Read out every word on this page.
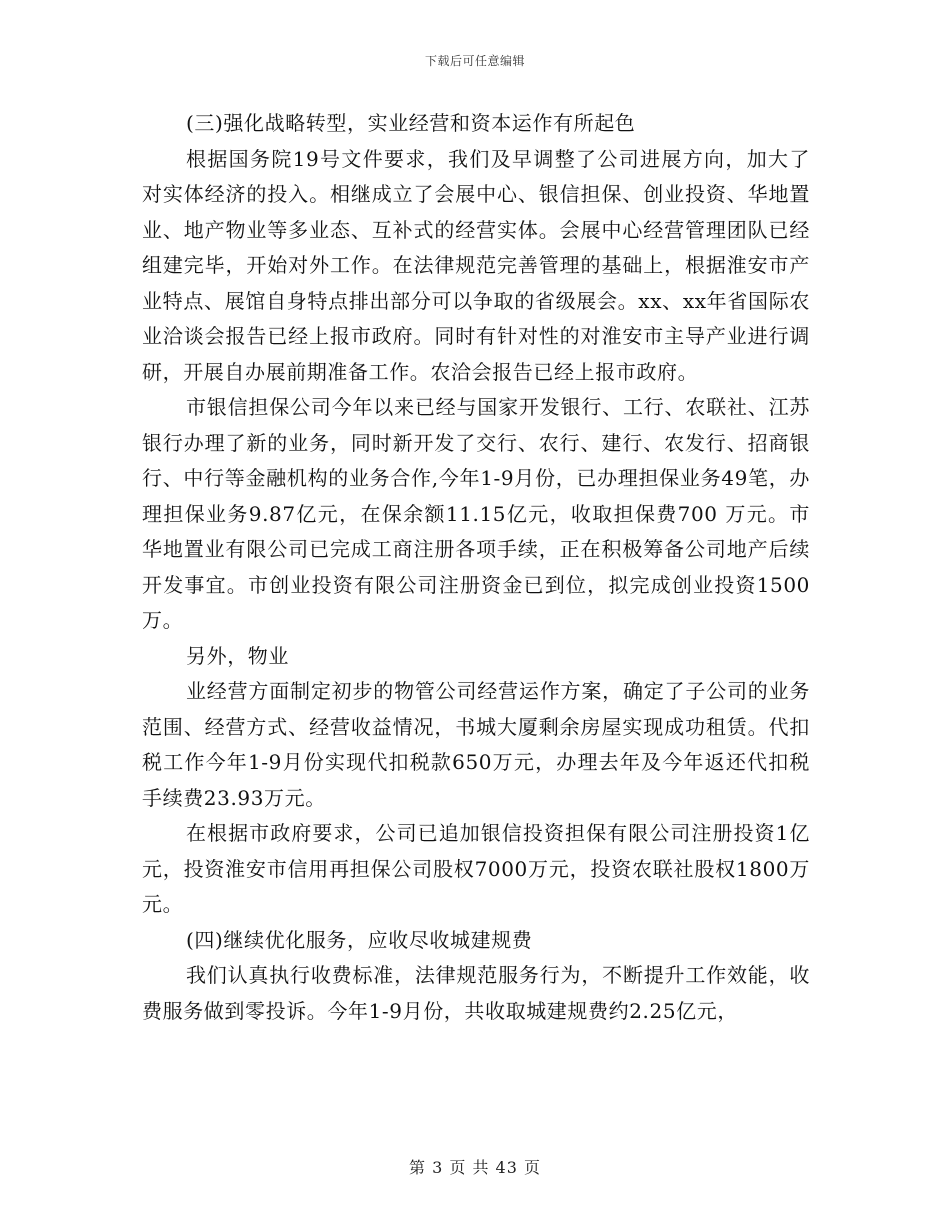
下载后可任意编辑

(三)强化战略转型，实业经营和资本运作有所起色

根据国务院19号文件要求，我们及早调整了公司进展方向，加大了对实体经济的投入。相继成立了会展中心、银信担保、创业投资、华地置业、地产物业等多业态、互补式的经营实体。会展中心经营管理团队已经组建完毕，开始对外工作。在法律规范完善管理的基础上，根据淮安市产业特点、展馆自身特点排出部分可以争取的省级展会。xx、xx年省国际农业洽谈会报告已经上报市政府。同时有针对性的对淮安市主导产业进行调研，开展自办展前期准备工作。农洽会报告已经上报市政府。

市银信担保公司今年以来已经与国家开发银行、工行、农联社、江苏银行办理了新的业务，同时新开发了交行、农行、建行、农发行、招商银行、中行等金融机构的业务合作,今年1-9月份，已办理担保业务49笔，办理担保业务9.87亿元，在保余额11.15亿元，收取担保费700 万元。市华地置业有限公司已完成工商注册各项手续，正在积极筹备公司地产后续开发事宜。市创业投资有限公司注册资金已到位，拟完成创业投资1500万。

另外，物业

业经营方面制定初步的物管公司经营运作方案，确定了子公司的业务范围、经营方式、经营收益情况，书城大厦剩余房屋实现成功租赁。代扣税工作今年1-9月份实现代扣税款650万元，办理去年及今年返还代扣税手续费23.93万元。

在根据市政府要求，公司已追加银信投资担保有限公司注册投资1亿元，投资淮安市信用再担保公司股权7000万元，投资农联社股权1800万元。

(四)继续优化服务，应收尽收城建规费

我们认真执行收费标准，法律规范服务行为，不断提升工作效能，收费服务做到零投诉。今年1-9月份，共收取城建规费约2.25亿元，

第 3 页 共 43 页
